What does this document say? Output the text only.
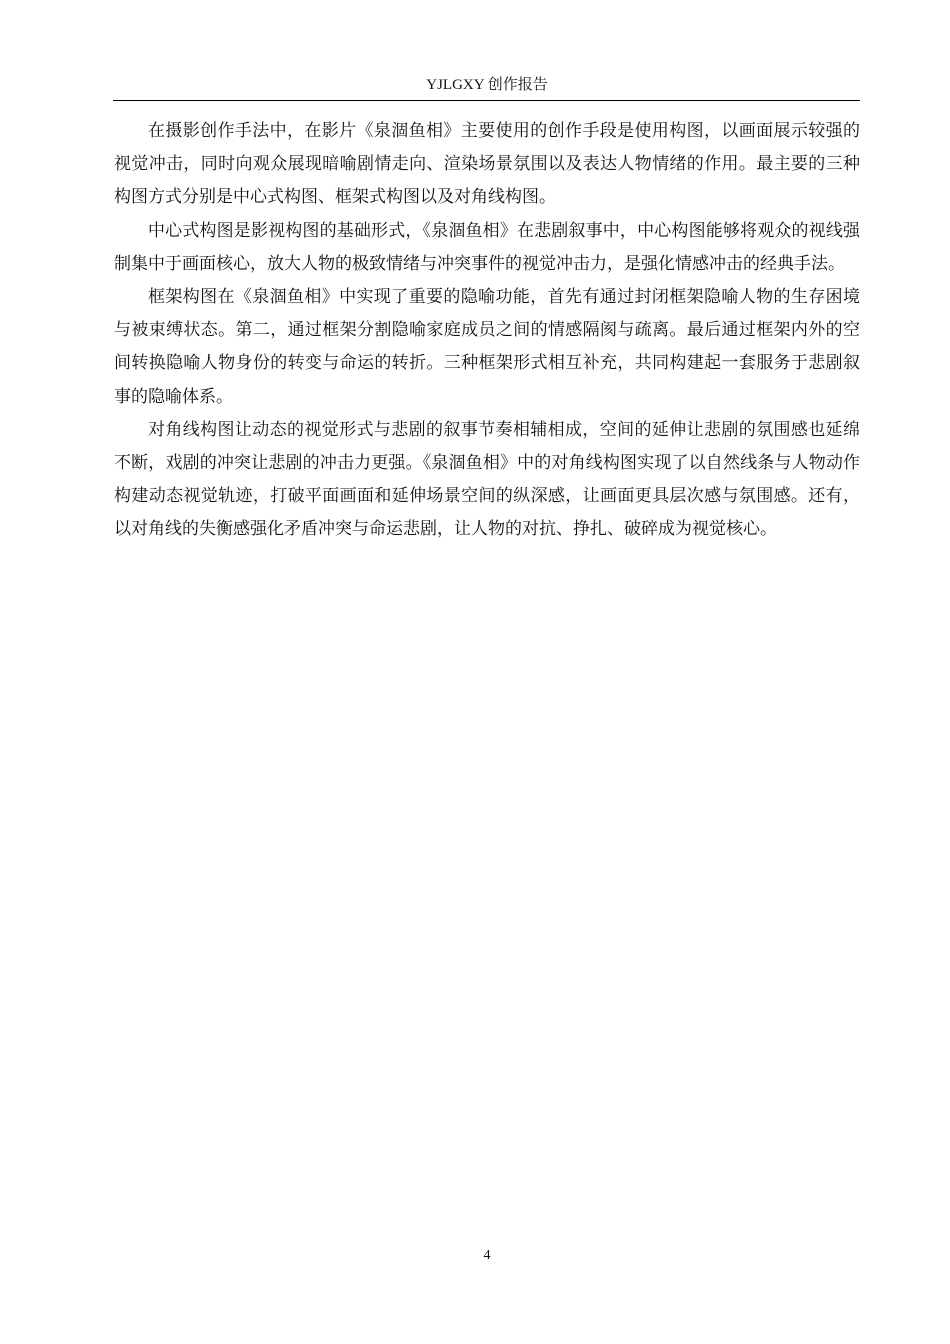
YJLGXY 创作报告

在摄影创作手法中，在影片《泉涸鱼相》主要使用的创作手段是使用构图，以画面展示较强的视觉冲击，同时向观众展现暗喻剧情走向、渲染场景氛围以及表达人物情绪的作用。最主要的三种构图方式分别是中心式构图、框架式构图以及对角线构图。

中心式构图是影视构图的基础形式，《泉涸鱼相》在悲剧叙事中，中心构图能够将观众的视线强制集中于画面核心，放大人物的极致情绪与冲突事件的视觉冲击力，是强化情感冲击的经典手法。

框架构图在《泉涸鱼相》中实现了重要的隐喻功能，首先有通过封闭框架隐喻人物的生存困境与被束缚状态。第二，通过框架分割隐喻家庭成员之间的情感隔阂与疏离。最后通过框架内外的空间转换隐喻人物身份的转变与命运的转折。三种框架形式相互补充，共同构建起一套服务于悲剧叙事的隐喻体系。

对角线构图让动态的视觉形式与悲剧的叙事节奏相辅相成，空间的延伸让悲剧的氛围感也延绵不断，戏剧的冲突让悲剧的冲击力更强。《泉涸鱼相》中的对角线构图实现了以自然线条与人物动作构建动态视觉轨迹，打破平面画面和延伸场景空间的纵深感，让画面更具层次感与氛围感。还有，以对角线的失衡感强化矛盾冲突与命运悲剧，让人物的对抗、挣扎、破碎成为视觉核心。

4
